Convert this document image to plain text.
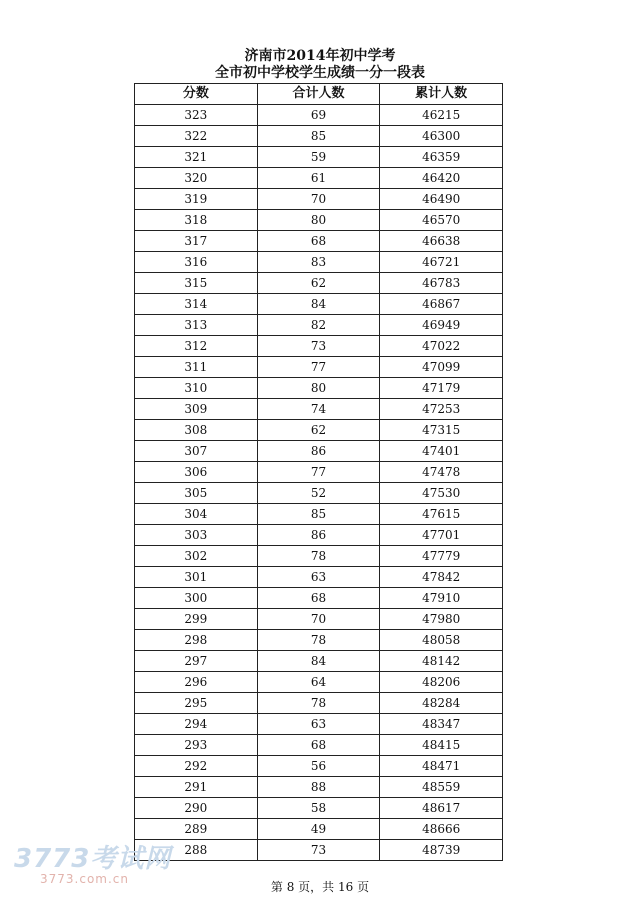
济南市2014年初中学考
全市初中学校学生成绩一分一段表
分数	合计人数	累计人数
323	69	46215
322	85	46300
321	59	46359
320	61	46420
319	70	46490
318	80	46570
317	68	46638
316	83	46721
315	62	46783
314	84	46867
313	82	46949
312	73	47022
311	77	47099
310	80	47179
309	74	47253
308	62	47315
307	86	47401
306	77	47478
305	52	47530
304	85	47615
303	86	47701
302	78	47779
301	63	47842
300	68	47910
299	70	47980
298	78	48058
297	84	48142
296	64	48206
295	78	48284
294	63	48347
293	68	48415
292	56	48471
291	88	48559
290	58	48617
289	49	48666
288	73	48739
第 8 页，共 16 页
3773考试网
3773.com.cn
